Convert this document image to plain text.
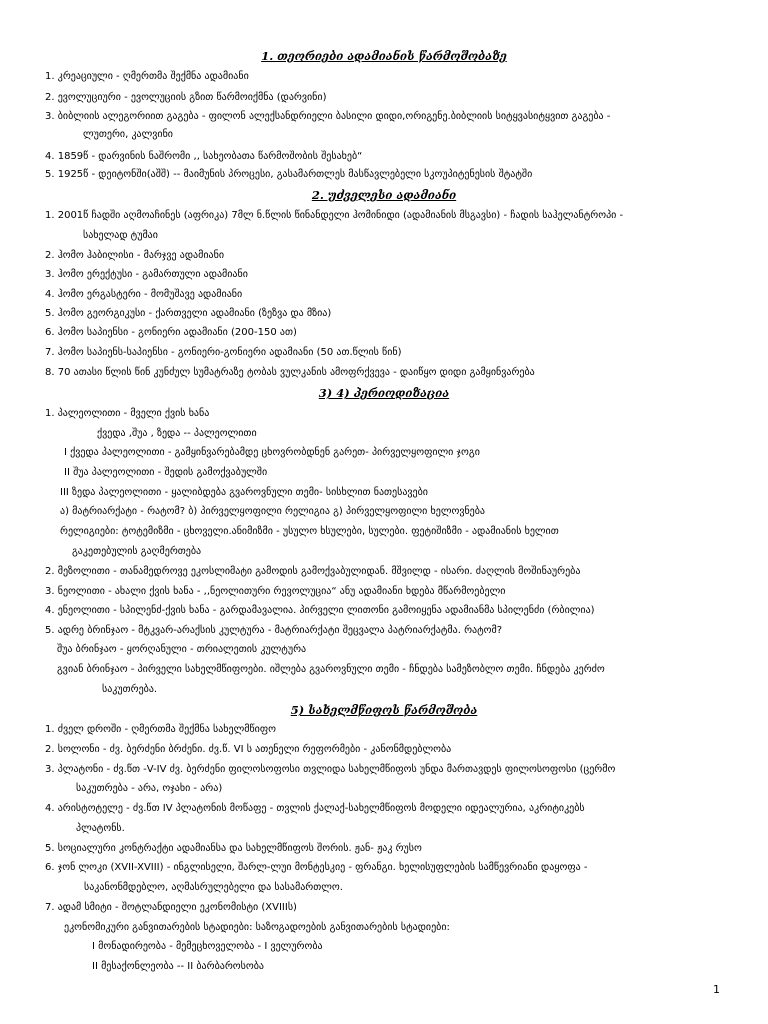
1. თეორიები ადამიანის წარმოშობაზე
1. კრეაციული - ღმერთმა შექმნა ადამიანი
2. ევოლუციური - ევოლუციის გზით წარმოიქმნა (დარვინი)
3. ბიბლიის ალეგორიით გაგება - ფილონ ალექსანდრიელი ბასილი დიდი,ორიგენე.ბიბლიის სიტყვასიტყვით გაგება -
ლუთერი, კალვინი
4. 1859წ - დარვინის ნაშრომი ,, სახეობათა წარმოშობის შესახებ“
5. 1925წ - დეიტონში(აშშ) -- მაიმუნის პროცესი, გასამართლეს მასწავლებელი სკოუპიტენესის შტატში
2. უძველესი ადამიანი
1. 2001წ ჩადში აღმოაჩინეს (აფრიკა) 7მლ ნ.წლის წინანდელი ჰომინიდი (ადამიანის მსგავსი) - ჩადის საჰელანტროპი -
სახელად ტუმაი
2. ჰომო ჰაბილისი - მარჯვე ადამიანი
3. ჰომო ერექტუსი - გამართული ადამიანი
4. ჰომო ერგასტერი - მომუშავე ადამიანი
5. ჰომო გეორგიკუსი - ქართველი ადამიანი (ზეზვა და მზია)
6. ჰომო საპიენსი - გონიერი ადამიანი (200-150 ათ)
7. ჰომო საპიენს-საპიენსი - გონიერი-გონიერი ადამიანი (50 ათ.წლის წინ)
8. 70 ათასი წლის წინ კუნძულ სუმატრაზე ტობას ვულკანის ამოფრქვევა - დაიწყო დიდი გამყინვარება
3) 4) პერიოდიზაცია
1. პალეოლითი - მველი ქვის ხანა
ქვედა ,შუა , ზედა -- პალეოლითი
I ქვედა პალეოლითი - გამყინვარებამდე ცხოვრობდნენ გარეთ- პირველყოფილი ჯოგი
II შუა პალეოლითი - შედის გამოქვაბულში
III ზედა პალეოლითი - ყალიბდება გვაროვნული თემი- სისხლით ნათესავები
ა) მატრიარქატი - რატომ? ბ) პირველყოფილი რელიგია გ) პირველყოფილი ხელოვნება
რელიგიები: ტოტემიზმი - ცხოველი.ანიმიზმი - უსულო ხსულები, სულები. ფეტიშიზმი - ადამიანის ხელით
გაკეთებულის გაღმერთება
2. მეზოლითი - თანამედროვე ეკოსლიმატი გამოდის გამოქვაბულიდან. მშვილდ - ისარი. ძაღლის მოშინაურება
3. ნეოლითი - ახალი ქვის ხანა - ,,ნეოლითური რევოლუცია“ ანუ ადამიანი ხდება მწარმოებელი
4. ენეოლითი - სპილენძ-ქვის ხანა - გარდამავალია. პირველი ლითონი გამოიყენა ადამიანმა სპილენძი (რბილია)
5. ადრე ბრინჯაო - მტკვარ-არაქსის კულტურა - მატრიარქატი შეცვალა პატრიარქატმა. რატომ?
შუა ბრინჯაო - ყორღანული - თრიალეთის კულტურა
გვიან ბრინჯაო - პირველი სახელმწიფოები. იშლება გვაროვნული თემი - ჩნდება სამეზობლო თემი. ჩნდება კერძო
საკუთრება.
5) სახელმწიფოს წარმოშობა
1. ძველ დროში - ღმერთმა შექმნა სახელმწიფო
2. სოლონი - ძვ. ბერძენი ბრძენი. ძვ.წ. VI ს ათენელი რეფორმები - კანონმდებლობა
3. პლატონი - ძვ.წთ -V-IV ძვ. ბერძენი ფილოსოფოსი თვლიდა სახელმწიფოს უნდა მართავდეს ფილოსოფოსი (ცერმო
საკუთრება - არა, ოჯახი - არა)
4. არისტოტელე - ძვ.წთ IV პლატონის მოწაფე - თვლის ქალაქ-სახელმწიფოს მოდელი იდეალურია, აკრიტიკებს
პლატონს.
5. სოციალური კონტრაქტი ადამიანსა და სახელმწიფოს შორის. ჟან- ჟაკ რუსო
6. ჯონ ლოკი (XVII-XVIII) - ინგლისელი, შარლ-ლუი მონტესკიე - ფრანგი. ხელისუფლების სამწევრიანი დაყოფა -
საკანონმდებლო, აღმასრულებელი და სასამართლო.
7. ადამ სმიტი - შოტლანდიელი ეკონომისტი (XVIIIს)
ეკონომიკური განვითარების სტადიები: საზოგადოების განვითარების სტადიები:
I მონადირეობა - მემეცხოველობა - I ველურობა
II მესაქონლეობა -- II ბარბაროსობა
1
